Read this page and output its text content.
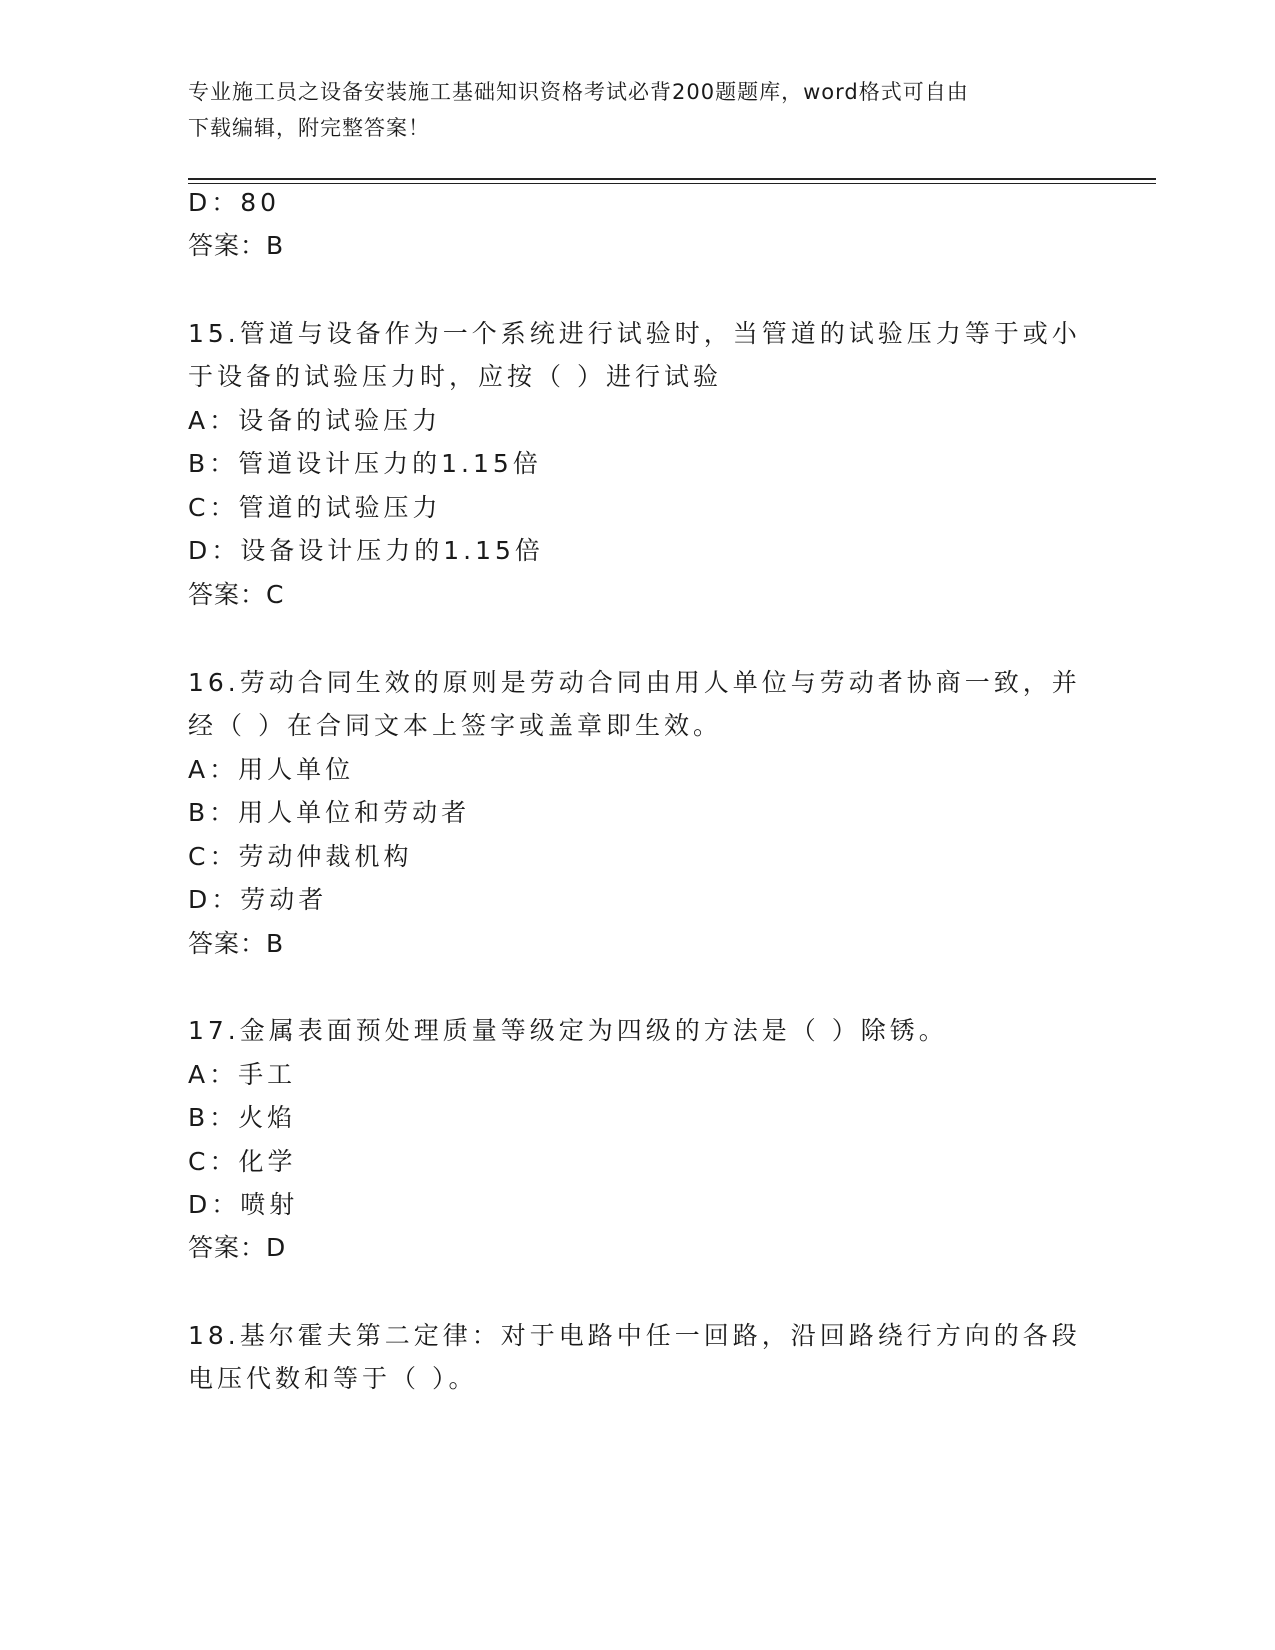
专业施工员之设备安装施工基础知识资格考试必背200题题库，word格式可自由
下载编辑，附完整答案！
D：80
答案：B
15.管道与设备作为一个系统进行试验时，当管道的试验压力等于或小
于设备的试验压力时，应按（ ）进行试验
A：设备的试验压力
B：管道设计压力的1.15倍
C：管道的试验压力
D：设备设计压力的1.15倍
答案：C
16.劳动合同生效的原则是劳动合同由用人单位与劳动者协商一致，并
经（ ）在合同文本上签字或盖章即生效。
A：用人单位
B：用人单位和劳动者
C：劳动仲裁机构
D：劳动者
答案：B
17.金属表面预处理质量等级定为四级的方法是（ ）除锈。
A：手工
B：火焰
C：化学
D：喷射
答案：D
18.基尔霍夫第二定律：对于电路中任一回路，沿回路绕行方向的各段
电压代数和等于（ ）。
